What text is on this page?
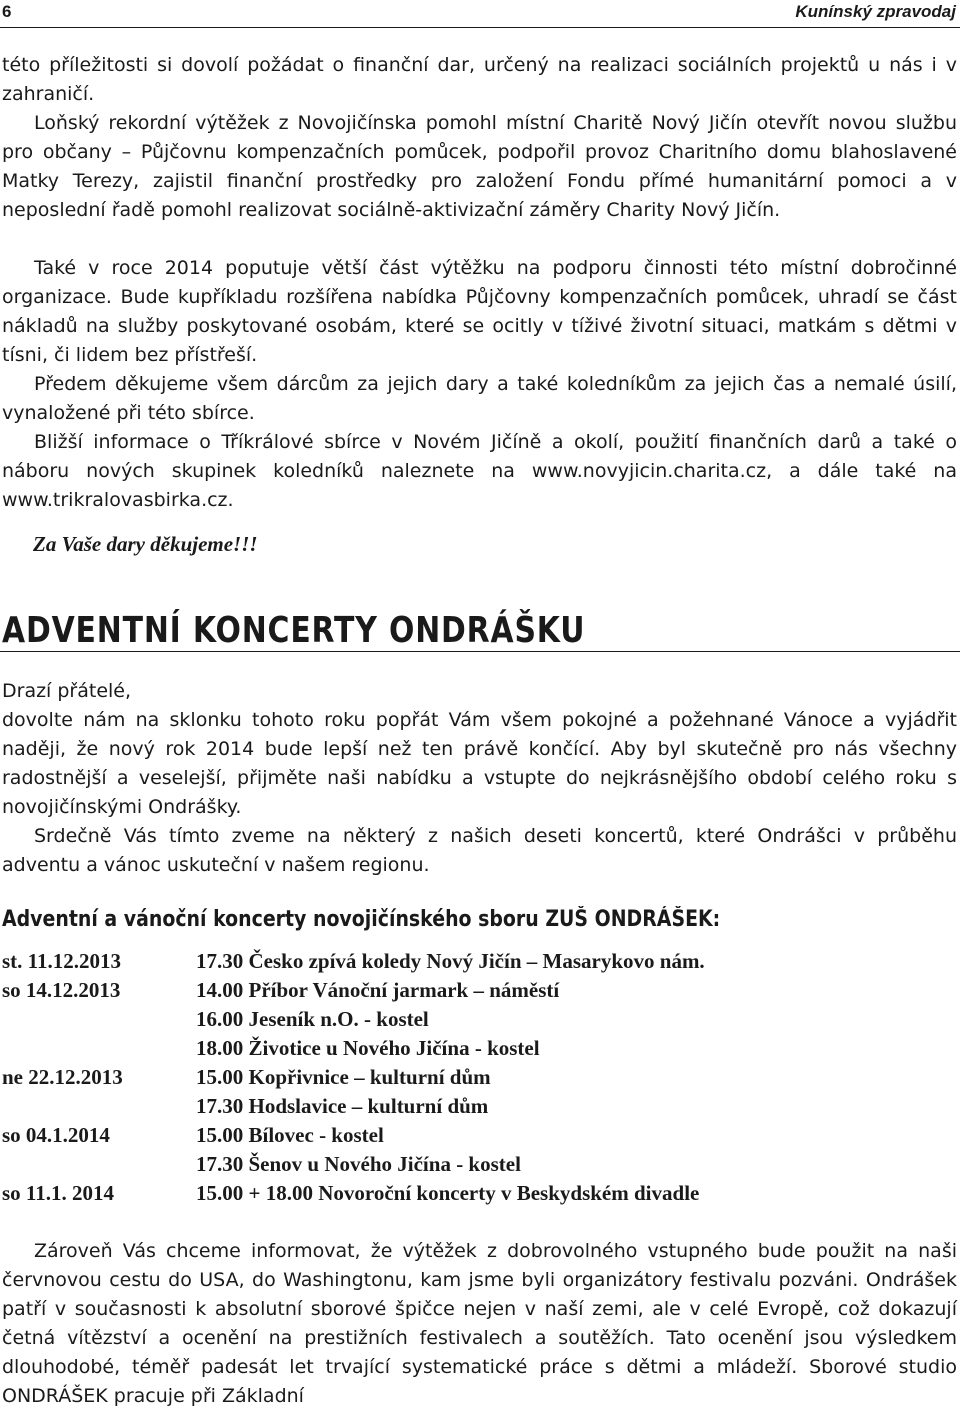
6	Kunínský zpravodaj

této příležitosti si dovolí požádat o finanční dar, určený na realizaci sociálních projektů u nás i v zahraničí.

Loňský rekordní výtěžek z Novojičínska pomohl místní Charitě Nový Jičín otevřít novou službu pro občany – Půjčovnu kompenzačních pomůcek, podpořil provoz Charitního domu blahoslavené Matky Terezy, zajistil finanční prostředky pro založení Fondu přímé humanitární pomoci a v neposlední řadě pomohl realizovat sociálně-aktivizační záměry Charity Nový Jičín.

Také v roce 2014 poputuje větší část výtěžku na podporu činnosti této místní dobročinné organizace. Bude kupříkladu rozšířena nabídka Půjčovny kompenzačních pomůcek, uhradí se část nákladů na služby poskytované osobám, které se ocitly v tíživé životní situaci, matkám s dětmi v tísni, či lidem bez přístřeší.

Předem děkujeme všem dárcům za jejich dary a také koledníkům za jejich čas a nemalé úsilí, vynaložené při této sbírce.

Bližší informace o Tříkrálové sbírce v Novém Jičíně a okolí, použití finančních darů a také o náboru nových skupinek koledníků naleznete na www.novyjicin.charita.cz, a dále také na www.trikralovasbirka.cz.

Za Vaše dary děkujeme!!!
ADVENTNÍ KONCERTY ONDRÁŠKU

Drazí přátelé,

dovolte nám na sklonku tohoto roku popřát Vám všem pokojné a požehnané Vánoce a vyjádřit naději, že nový rok 2014 bude lepší než ten právě končící. Aby byl skutečně pro nás všechny radostnější a veselejší, přijměte naši nabídku a vstupte do nejkrásnějšího období celého roku s novojičínskými Ondrášky.

Srdečně Vás tímto zveme na některý z našich deseti koncertů, které Ondrášci v průběhu adventu a vánoc uskuteční v našem regionu.

Adventní a vánoční koncerty novojičínského sboru ZUŠ ONDRÁŠEK:
st. 11.12.2013	17.30 Česko zpívá koledy Nový Jičín – Masarykovo nám.
so 14.12.2013	14.00 Příbor Vánoční jarmark – náměstí
16.00 Jeseník n.O. - kostel
18.00 Životice u Nového Jičína - kostel
ne 22.12.2013	15.00 Kopřivnice – kulturní dům
17.30 Hodslavice – kulturní dům
so 04.1.2014	15.00 Bílovec - kostel
17.30 Šenov u Nového Jičína - kostel
so 11.1. 2014	15.00 + 18.00 Novoroční koncerty v Beskydském divadle

Zároveň Vás chceme informovat, že výtěžek z dobrovolného vstupného bude použit na naši červnovou cestu do USA, do Washingtonu, kam jsme byli organizátory festivalu pozváni. Ondrášek patří v současnosti k absolutní sborové špičce nejen v naší zemi, ale v celé Evropě, což dokazují četná vítězství a ocenění na prestižních festivalech a soutěžích. Tato ocenění jsou výsledkem dlouhodobé, téměř padesát let trvající systematické práce s dětmi a mládeží. Sborové studio ONDRÁŠEK pracuje při Základní
